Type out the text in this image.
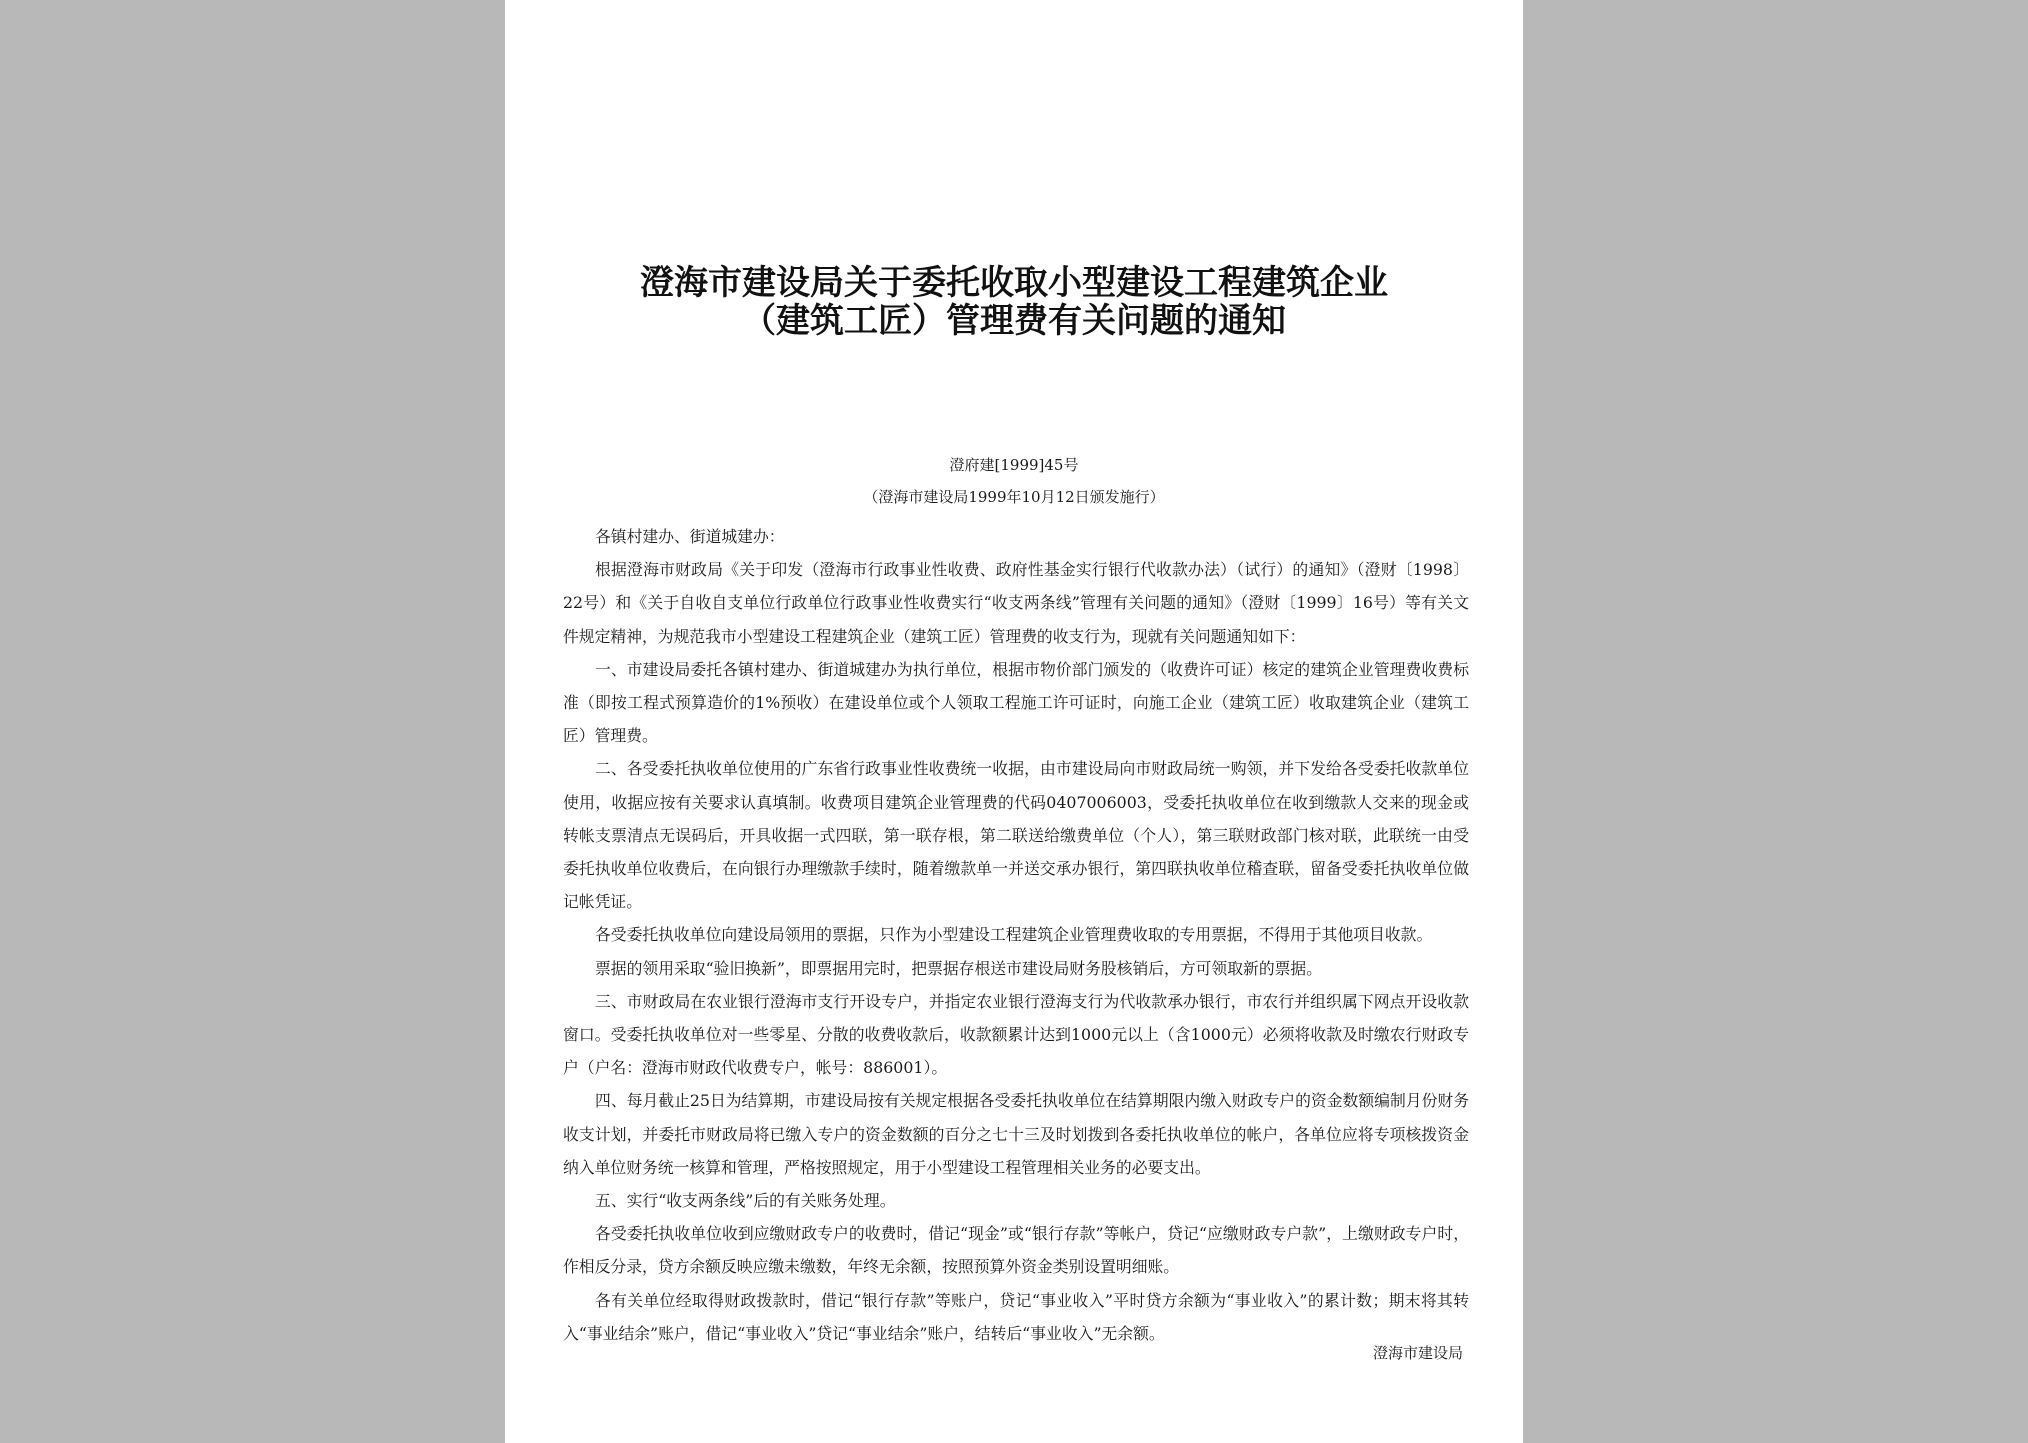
澄海市建设局关于委托收取小型建设工程建筑企业
（建筑工匠）管理费有关问题的通知

澄府建[1999]45号

（澄海市建设局1999年10月12日颁发施行）

各镇村建办、街道城建办：

根据澄海市财政局《关于印发（澄海市行政事业性收费、政府性基金实行银行代收款办法）（试行）的通知》（澄财〔1998〕22号）和《关于自收自支单位行政单位行政事业性收费实行“收支两条线”管理有关问题的通知》（澄财〔1999〕16号）等有关文件规定精神，为规范我市小型建设工程建筑企业（建筑工匠）管理费的收支行为，现就有关问题通知如下：

一、市建设局委托各镇村建办、街道城建办为执行单位，根据市物价部门颁发的（收费许可证）核定的建筑企业管理费收费标准（即按工程式预算造价的1%预收）在建设单位或个人领取工程施工许可证时，向施工企业（建筑工匠）收取建筑企业（建筑工匠）管理费。

二、各受委托执收单位使用的广东省行政事业性收费统一收据，由市建设局向市财政局统一购领，并下发给各受委托收款单位使用，收据应按有关要求认真填制。收费项目建筑企业管理费的代码0407006003，受委托执收单位在收到缴款人交来的现金或转帐支票清点无误码后，开具收据一式四联，第一联存根，第二联送给缴费单位（个人），第三联财政部门核对联，此联统一由受委托执收单位收费后，在向银行办理缴款手续时，随着缴款单一并送交承办银行，第四联执收单位稽查联，留备受委托执收单位做记帐凭证。

各受委托执收单位向建设局领用的票据，只作为小型建设工程建筑企业管理费收取的专用票据，不得用于其他项目收款。

票据的领用采取“验旧换新”，即票据用完时，把票据存根送市建设局财务股核销后，方可领取新的票据。

三、市财政局在农业银行澄海市支行开设专户，并指定农业银行澄海支行为代收款承办银行，市农行并组织属下网点开设收款窗口。受委托执收单位对一些零星、分散的收费收款后，收款额累计达到1000元以上（含1000元）必须将收款及时缴农行财政专户（户名：澄海市财政代收费专户，帐号：886001）。

四、每月截止25日为结算期，市建设局按有关规定根据各受委托执收单位在结算期限内缴入财政专户的资金数额编制月份财务收支计划，并委托市财政局将已缴入专户的资金数额的百分之七十三及时划拨到各委托执收单位的帐户，各单位应将专项核拨资金纳入单位财务统一核算和管理，严格按照规定，用于小型建设工程管理相关业务的必要支出。

五、实行“收支两条线”后的有关账务处理。

各受委托执收单位收到应缴财政专户的收费时，借记“现金”或“银行存款”等帐户，贷记“应缴财政专户款”，上缴财政专户时，作相反分录，贷方余额反映应缴未缴数，年终无余额，按照预算外资金类别设置明细账。

各有关单位经取得财政拨款时，借记“银行存款”等账户，贷记“事业收入”平时贷方余额为“事业收入”的累计数；期末将其转入“事业结余”账户，借记“事业收入”贷记“事业结余”账户，结转后“事业收入”无余额。

澄海市建设局
